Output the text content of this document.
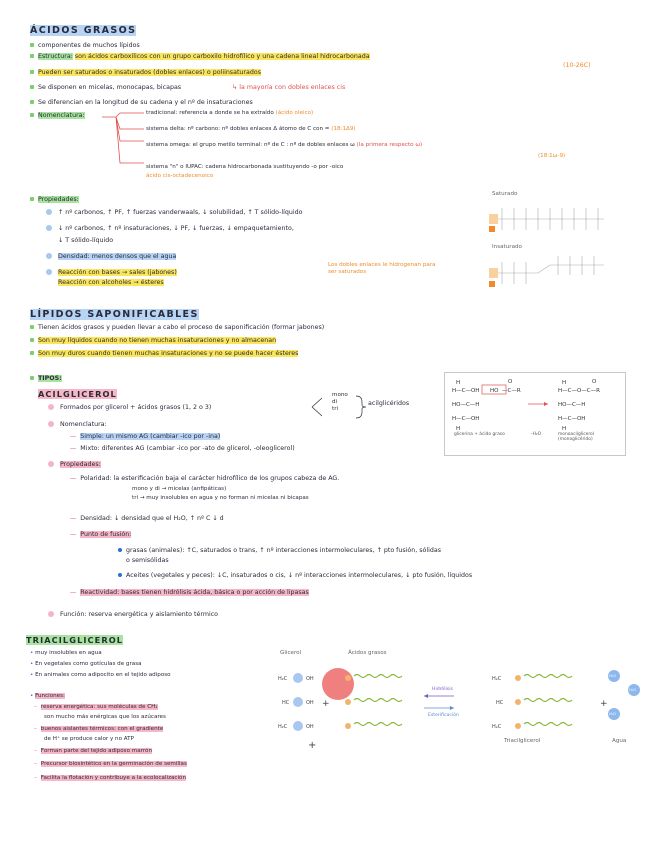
ÁCIDOS GRASOS
componentes de muchos lípidos
Estructura: son ácidos carboxílicos con un grupo carboxilo hidrofílico y una cadena lineal hidrocarbonada
(10-26C)
Pueden ser saturados o insaturados (dobles enlaces) o poliinsaturados
Se disponen en micelas, monocapas, bicapas	↳ la mayoría con dobles enlaces cis
Se diferencian en la longitud de su cadena y el nº de insaturaciones
Nomenclatura:	tradicional: referencia a donde se ha extraído (ácido oleico)
sistema delta: nº carbono: nº dobles enlaces Δ átomo de C con = (18:1Δ9)
sistema omega: el grupo metilo terminal: nº de C : nº de dobles enlaces ω (la primera respecto ω)
(18:1ω-9)
sistema "n" o IUPAC: cadena hidrocarbonada sustituyendo -o por -oico
ácido cis-octadecenoico
Propiedades:
↑ nº carbonos, ↑ PF, ↑ fuerzas vanderwaals, ↓ solubilidad, ↑ T sólido-líquido
↓ nº carbonos, ↑ nº insaturaciones, ↓ PF, ↓ fuerzas, ↓ empaquetamiento,
↓ T sólido-líquido
Densidad: menos densos que el agua
Reacción con bases → sales (jabones)
Reacción con alcoholes → ésteres
Los dobles enlaces le hidrogenan para ser saturados
Saturado
Insaturado
LÍPIDOS SAPONIFICABLES
Tienen ácidos grasos y pueden llevar a cabo el proceso de saponificación (formar jabones)
Son muy líquidos cuando no tienen muchas insaturaciones y no almacenan
Son muy duros cuando tienen muchas insaturaciones y no se puede hacer ésteres
TIPOS:
ACILGLICEROL
Formados por glicerol + ácidos grasos (1, 2 o 3)
mono
di
tri
acilglicéridos
Nomenclatura:
— Simple: un mismo AG (cambiar -ico por -ina)
— Mixto: diferentes AG (cambiar -ico por -ato de glicerol, -oleoglicerol)
Propiedades:
— Polaridad: la esterificación baja el carácter hidrofílico de los grupos cabeza de AG.
mono y di → micelas (anfipáticas)
tri → muy insolubles en agua y no forman ni micelas ni bicapas
— Densidad: ↓ densidad que el H₂O, ↑ nº C ↓ d
— Punto de fusión:
grasas (animales): ↑C, saturados o trans, ↑ nº interacciones intermoleculares, ↑ pto fusión, sólidas
o semisólidas
Aceites (vegetales y peces): ↓C, insaturados o cis, ↓ nº interacciones intermoleculares, ↓ pto fusión, líquidos
— Reactividad: bases tienen hidrólisis ácida, básica o por acción de lipasas
Función: reserva energética y aislamiento térmico
H—C—OH
HO—C—H
H—C—OH
H
H
HO —C—R
O
H—C—O—C—R
HO—C—H
H—C—OH
H
H
O
glicerina + ácido graso	-H₂O	monoacilglicerol (monoglicérido)
TRIACILGLICEROL
• muy insolubles en agua
• En vegetales como gotículas de grasa
• En animales como adipocito en el tejido adiposo
• Funciones:
– reserva energética: sus moléculas de CH₂
son mucho más enérgicas que los azúcares
– buenos aislantes térmicos: con el gradiente
de H⁺ se produce calor y no ATP
– Forman parte del tejido adiposo marrón
– Precursor biosintético en la germinación de semillas
– Facilita la flotación y contribuye a la ecolocalización
Glicerol	Ácidos grasos
H₂C
HC
H₂C
OH
OH
OH
+
+
H₂C
HC
H₂C
+
Hidrólisis
Esterificación
Triacilglicerol	Agua
H₂O
H₂O
H₂O
